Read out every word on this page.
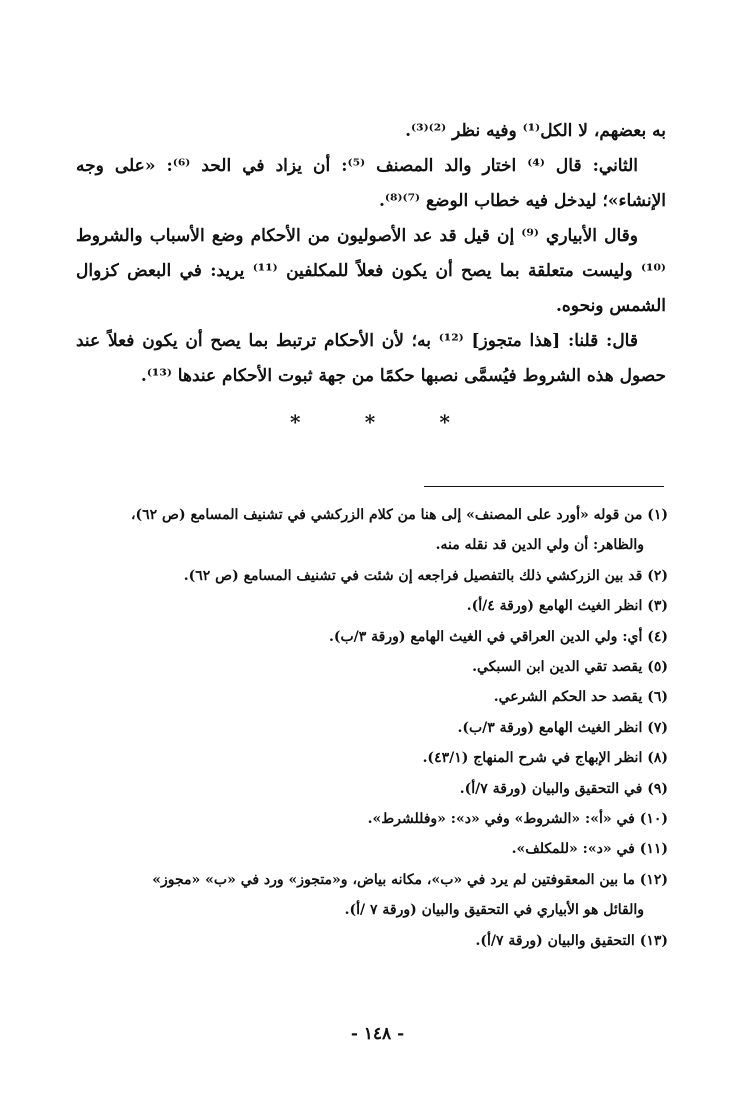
به بعضهم، لا الكل⁽¹⁾ وفيه نظر ⁽²⁾⁽³⁾.

الثاني: قال ⁽⁴⁾ اختار والد المصنف ⁽⁵⁾: أن يزاد في الحد ⁽⁶⁾: «على وجه الإنشاء»؛ ليدخل فيه خطاب الوضع ⁽⁷⁾⁽⁸⁾.

وقال الأبياري ⁽⁹⁾ إن قيل قد عد الأصوليون من الأحكام وضع الأسباب والشروط ⁽¹⁰⁾ وليست متعلقة بما يصح أن يكون فعلاً للمكلفين ⁽¹¹⁾ يريد: في البعض كزوال الشمس ونحوه.

قال: قلنا: [هذا متجوز] ⁽¹²⁾ به؛ لأن الأحكام ترتبط بما يصح أن يكون فعلاً عند حصول هذه الشروط فيُسمَّى نصبها حكمًا من جهة ثبوت الأحكام عندها ⁽¹³⁾.

*	*	*

(١) من قوله «أورد على المصنف» إلى هنا من كلام الزركشي في تشنيف المسامع (ص ٦٢)،
والظاهر: أن ولي الدين قد نقله منه.

(٢) قد بين الزركشي ذلك بالتفصيل فراجعه إن شئت في تشنيف المسامع (ص ٦٢).

(٣) انظر الغيث الهامع (ورقة ٤/أ).

(٤) أي: ولي الدين العراقي في الغيث الهامع (ورقة ٣/ب).

(٥) يقصد تقي الدين ابن السبكي.

(٦) يقصد حد الحكم الشرعي.

(٧) انظر الغيث الهامع (ورقة ٣/ب).

(٨) انظر الإبهاج في شرح المنهاج (٤٣/١).

(٩) في التحقيق والبيان (ورقة ٧/أ).

(١٠) في «أ»: «الشروط» وفي «د»: «وفللشرط».

(١١) في «د»: «للمكلف».

(١٢) ما بين المعقوفتين لم يرد في «ب»، مكانه بياض، و«متجوز» ورد في «ب» «مجوز»
والقائل هو الأبياري في التحقيق والبيان (ورقة ٧ /أ).

(١٣) التحقيق والبيان (ورقة ٧/أ).

- ١٤٨ -
